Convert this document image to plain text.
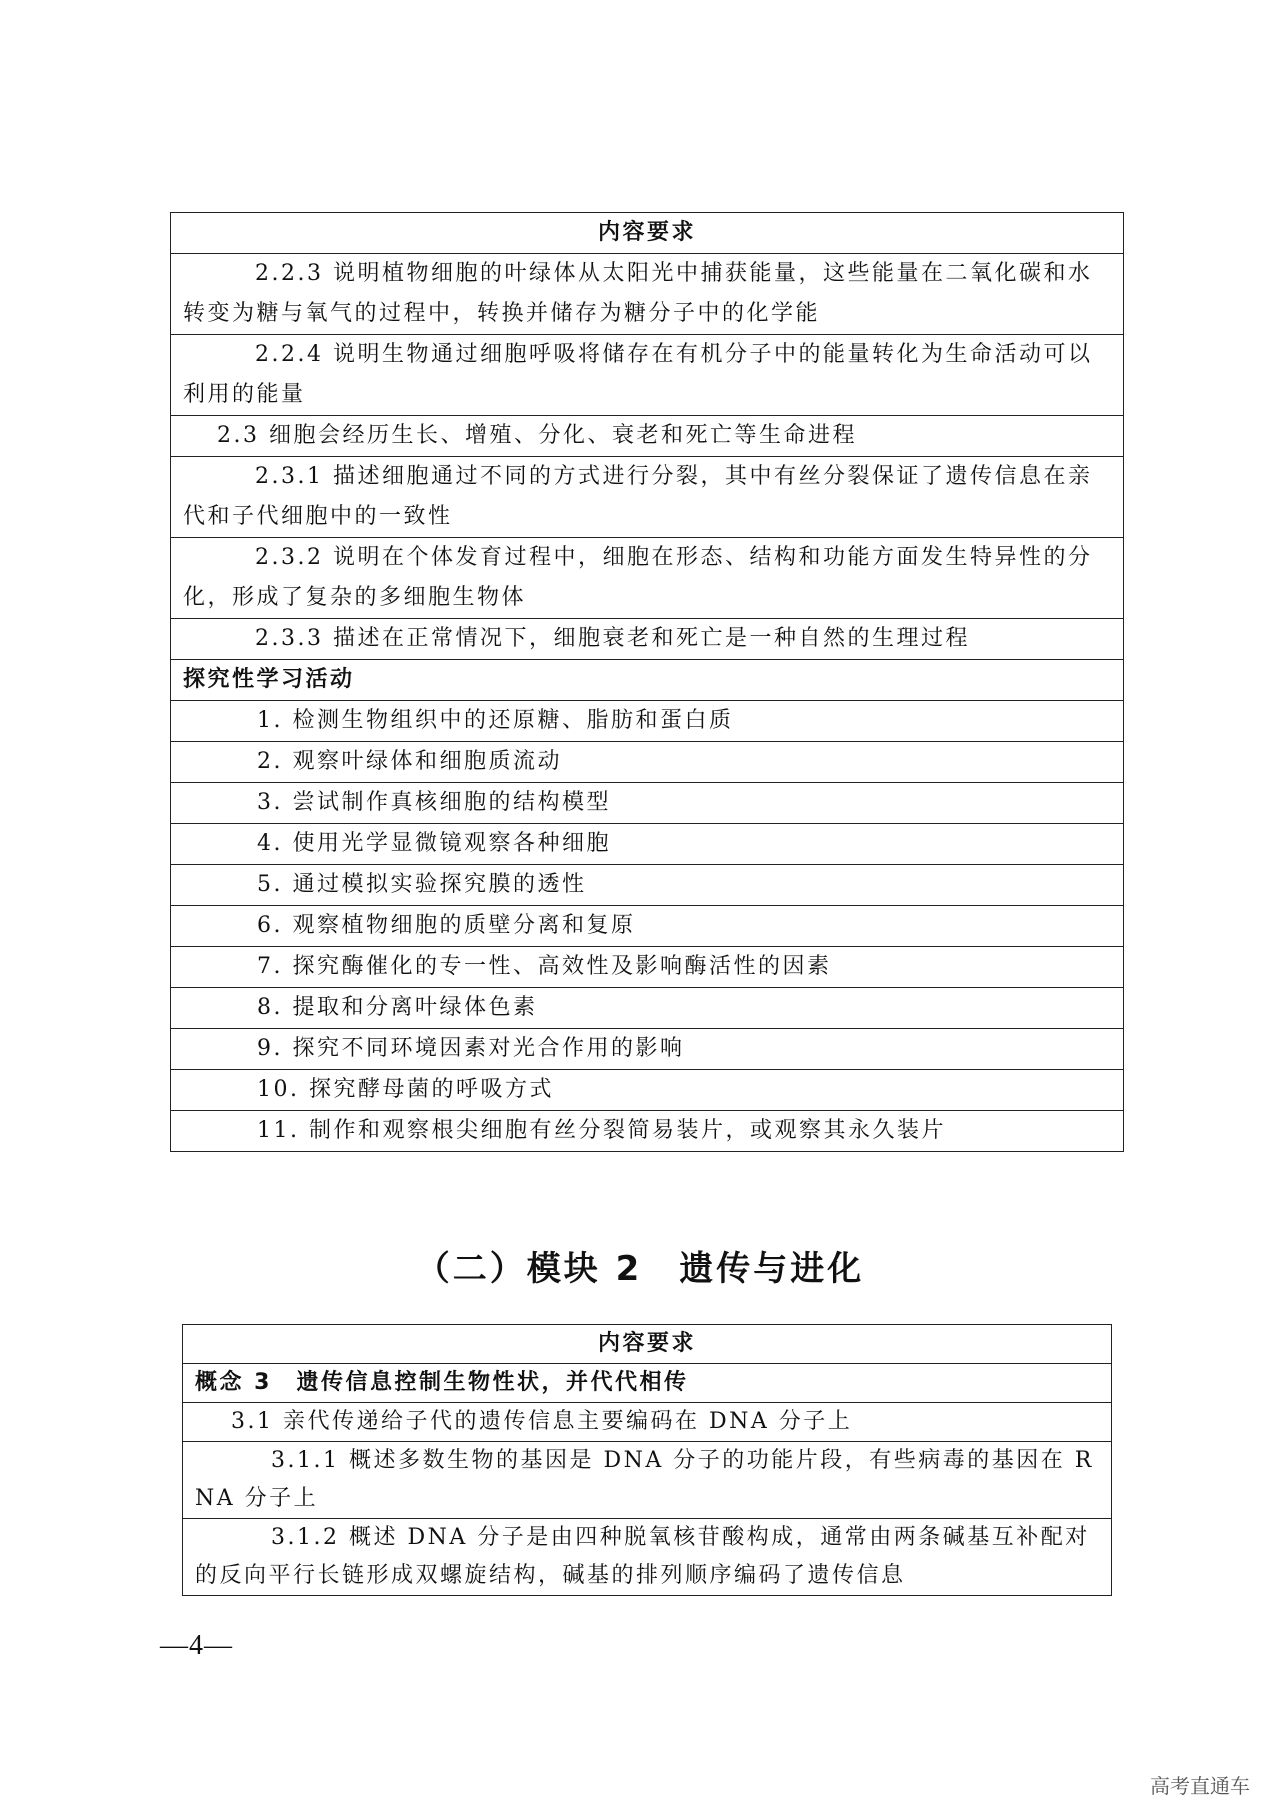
内容要求
2.2.3 说明植物细胞的叶绿体从太阳光中捕获能量，这些能量在二氧化碳和水转变为糖与氧气的过程中，转换并储存为糖分子中的化学能
2.2.4 说明生物通过细胞呼吸将储存在有机分子中的能量转化为生命活动可以利用的能量
2.3 细胞会经历生长、增殖、分化、衰老和死亡等生命进程
2.3.1 描述细胞通过不同的方式进行分裂，其中有丝分裂保证了遗传信息在亲代和子代细胞中的一致性
2.3.2 说明在个体发育过程中，细胞在形态、结构和功能方面发生特异性的分化，形成了复杂的多细胞生物体
2.3.3 描述在正常情况下，细胞衰老和死亡是一种自然的生理过程
探究性学习活动
1. 检测生物组织中的还原糖、脂肪和蛋白质
2. 观察叶绿体和细胞质流动
3. 尝试制作真核细胞的结构模型
4. 使用光学显微镜观察各种细胞
5. 通过模拟实验探究膜的透性
6. 观察植物细胞的质壁分离和复原
7. 探究酶催化的专一性、高效性及影响酶活性的因素
8. 提取和分离叶绿体色素
9. 探究不同环境因素对光合作用的影响
10. 探究酵母菌的呼吸方式
11. 制作和观察根尖细胞有丝分裂简易装片，或观察其永久装片
（二）模块 2　遗传与进化
内容要求
概念 3　遗传信息控制生物性状，并代代相传
3.1 亲代传递给子代的遗传信息主要编码在 DNA 分子上
3.1.1 概述多数生物的基因是 DNA 分子的功能片段，有些病毒的基因在 RNA 分子上
3.1.2 概述 DNA 分子是由四种脱氧核苷酸构成，通常由两条碱基互补配对的反向平行长链形成双螺旋结构，碱基的排列顺序编码了遗传信息
—4—
高考直通车
